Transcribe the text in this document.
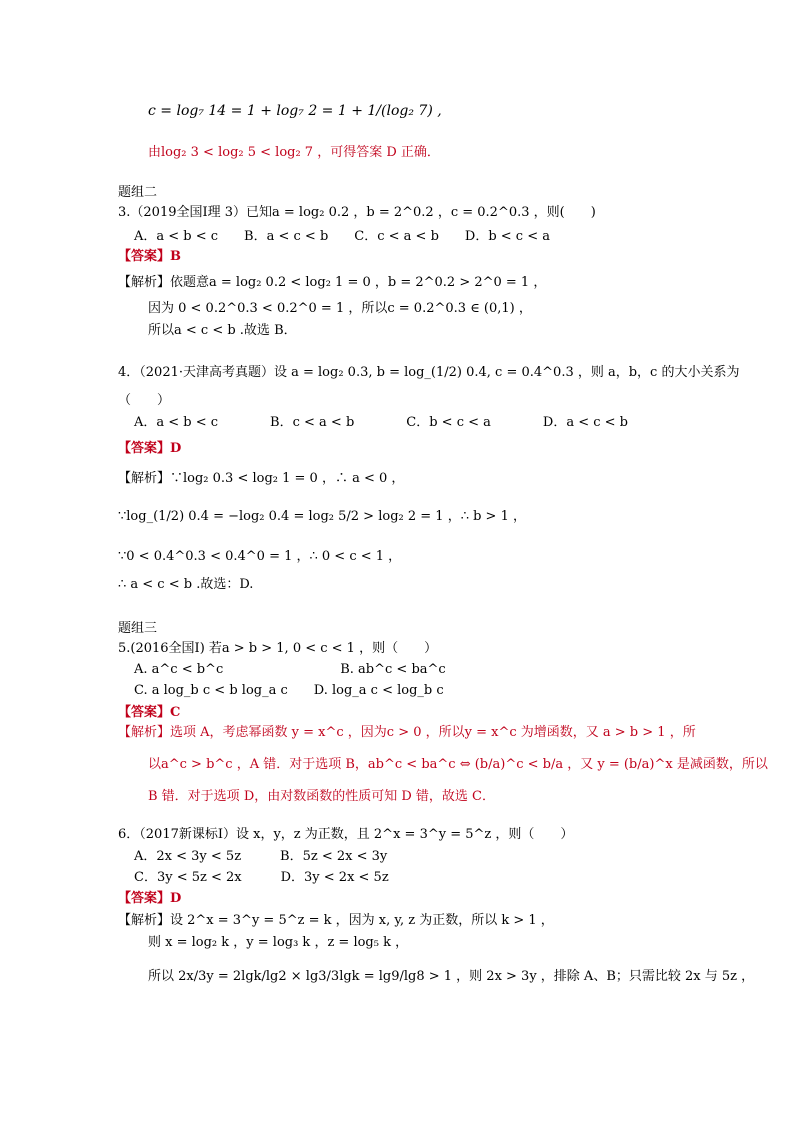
c = log₇ 14 = 1 + log₇ 2 = 1 + 1/(log₂ 7) ,
由log₂ 3 < log₂ 5 < log₂ 7 ，可得答案 D 正确．
题组二
3.（2019全国Ⅰ理 3）已知a = log₂ 0.2 ，b = 2^0.2 ，c = 0.2^0.3 ，则(　　)
A．a < b < c　　B．a < c < b　　C．c < a < b　　D．b < c < a
【答案】B
【解析】依题意a = log₂ 0.2 < log₂ 1 = 0 ，b = 2^0.2 > 2^0 = 1 ，
因为 0 < 0.2^0.3 < 0.2^0 = 1 ，所以c = 0.2^0.3 ∈ (0,1) ，
所以a < c < b .故选 B．
4．（2021·天津高考真题）设 a = log₂ 0.3, b = log_(1/2) 0.4, c = 0.4^0.3 ，则 a，b，c 的大小关系为
（　　）
A．a < b < c　　　　B．c < a < b　　　　C．b < c < a　　　　D．a < c < b
【答案】D
【解析】∵log₂ 0.3 < log₂ 1 = 0 ，∴ a < 0 ，
∵log_(1/2) 0.4 = −log₂ 0.4 = log₂ 5/2 > log₂ 2 = 1 ，∴ b > 1 ，
∵0 < 0.4^0.3 < 0.4^0 = 1 ，∴ 0 < c < 1 ，
∴ a < c < b .故选：D.
题组三
5.(2016全国Ⅰ) 若a > b > 1, 0 < c < 1 ，则（　　）
A. a^c < b^c　　　　　　　　　B. ab^c < ba^c
C. a log_b c < b log_a c　　D. log_a c < log_b c
【答案】C
【解析】选项 A，考虑幂函数 y = x^c ，因为c > 0 ，所以y = x^c 为增函数，又 a > b > 1 ，所
以a^c > b^c ，A 错．对于选项 B，ab^c < ba^c ⇔ (b/a)^c < b/a ，又 y = (b/a)^x 是减函数，所以
B 错．对于选项 D，由对数函数的性质可知 D 错，故选 C．
6．（2017新课标Ⅰ）设 x，y，z 为正数，且 2^x = 3^y = 5^z ，则（　　）
A．2x < 3y < 5z　　　B．5z < 2x < 3y
C．3y < 5z < 2x　　　D．3y < 2x < 5z
【答案】D
【解析】设 2^x = 3^y = 5^z = k ，因为 x, y, z 为正数，所以 k > 1 ，
则 x = log₂ k ，y = log₃ k ，z = log₅ k ，
所以 2x/3y = 2lgk/lg2 × lg3/3lgk = lg9/lg8 > 1 ，则 2x > 3y ，排除 A、B；只需比较 2x 与 5z ，
